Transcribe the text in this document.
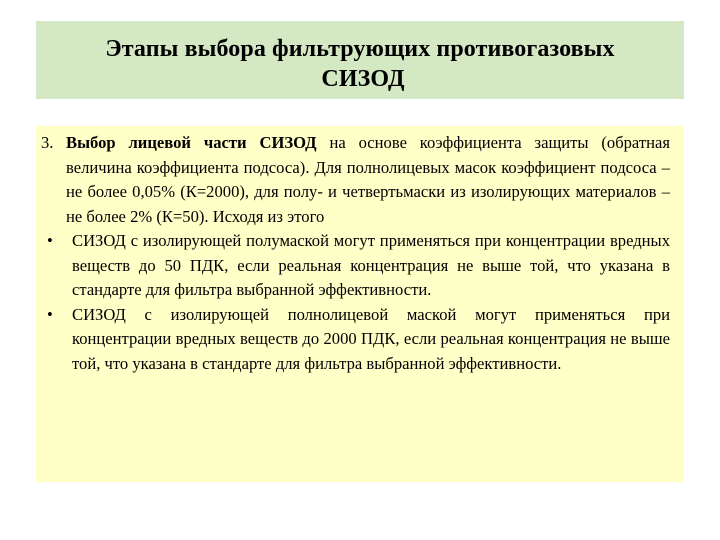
Этапы выбора фильтрующих противогазовых
СИЗОД
3. Выбор лицевой части СИЗОД на основе коэффициента защиты (обратная величина коэффициента подсоса). Для полнолицевых масок коэффициент подсоса – не более 0,05% (К=2000), для полу- и четвертьмаски из изолирующих материалов – не более 2% (К=50). Исходя из этого
•	СИЗОД с изолирующей полумаской могут применяться при концентрации вредных веществ до 50 ПДК, если реальная концентрация не выше той, что указана в стандарте для фильтра выбранной эффективности.
•	СИЗОД с изолирующей полнолицевой маской могут применяться при концентрации вредных веществ до 2000 ПДК, если реальная концентрация не выше той, что указана в стандарте для фильтра выбранной эффективности.
